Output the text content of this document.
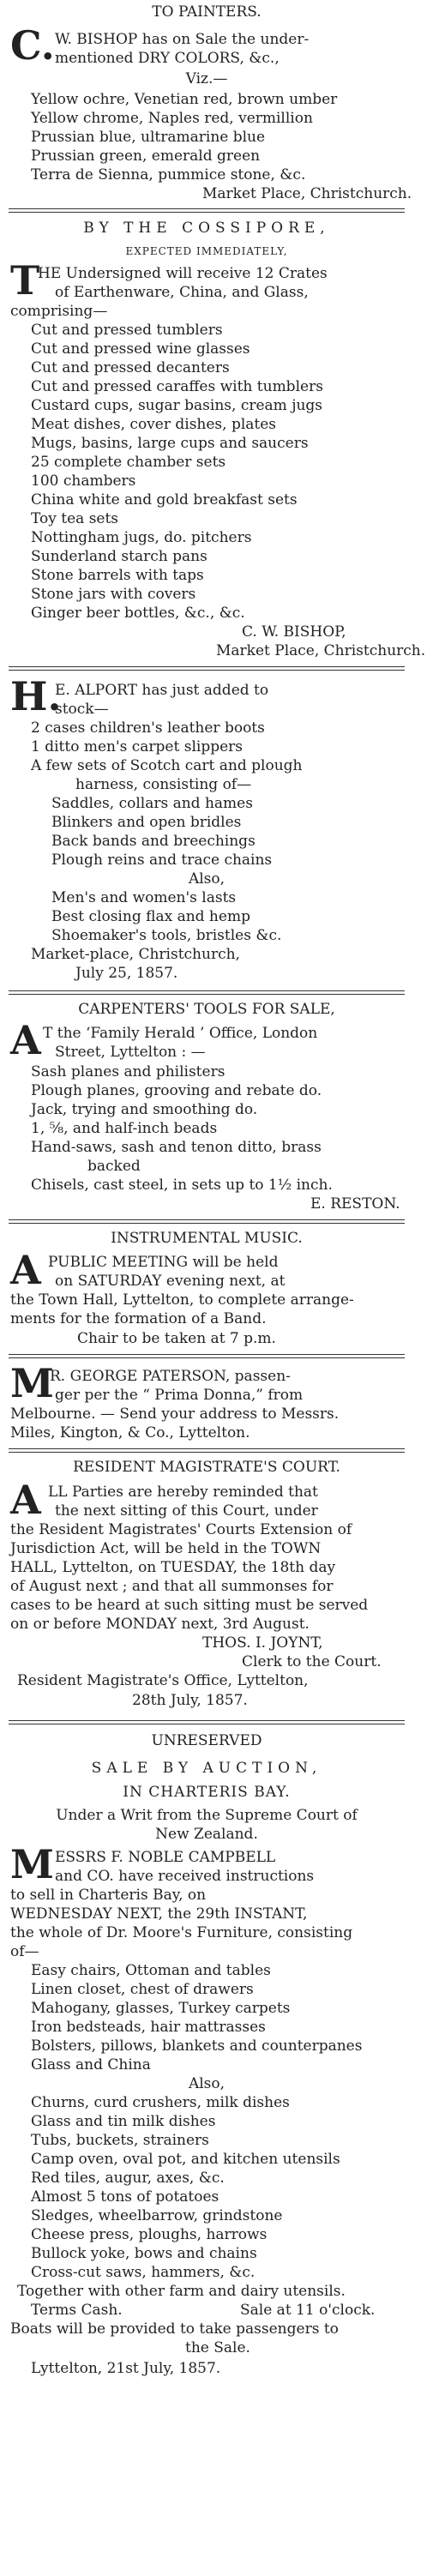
TO PAINTERS.
C. W. BISHOP has on Sale the under-
mentioned DRY COLORS, &c.,
Viz.—
Yellow ochre, Venetian red, brown umber
Yellow chrome, Naples red, vermillion
Prussian blue, ultramarine blue
Prussian green, emerald green
Terra de Sienna, pummice stone, &c.
Market Place, Christchurch.
BY THE COSSIPORE,
EXPECTED IMMEDIATELY,
T
HE Undersigned will receive 12 Crates
of Earthenware, China, and Glass,
comprising—
Cut and pressed tumblers
Cut and pressed wine glasses
Cut and pressed decanters
Cut and pressed caraffes with tumblers
Custard cups, sugar basins, cream jugs
Meat dishes, cover dishes, plates
Mugs, basins, large cups and saucers
25 complete chamber sets
100 chambers
China white and gold breakfast sets
Toy tea sets
Nottingham jugs, do. pitchers
Sunderland starch pans
Stone barrels with taps
Stone jars with covers
Ginger beer bottles, &c., &c.
C. W. BISHOP,
Market Place, Christchurch.
H.
E. ALPORT has just added to
stock—
2 cases children's leather boots
1 ditto men's carpet slippers
A few sets of Scotch cart and plough
harness, consisting of—
Saddles, collars and hames
Blinkers and open bridles
Back bands and breechings
Plough reins and trace chains
Also,
Men's and women's lasts
Best closing flax and hemp
Shoemaker's tools, bristles &c.
Market-place, Christchurch,
July 25, 1857.
CARPENTERS' TOOLS FOR SALE,
A T the ‘Family Herald ’ Office, London
Street, Lyttelton : —
Sash planes and philisters
Plough planes, grooving and rebate do.
Jack, trying and smoothing do.
1, ⅝, and half-inch beads
Hand-saws, sash and tenon ditto, brass
backed
Chisels, cast steel, in sets up to 1½ inch.
E. RESTON.
INSTRUMENTAL MUSIC.
A PUBLIC MEETING will be held
on SATURDAY evening next, at
the Town Hall, Lyttelton, to complete arrange-
ments for the formation of a Band.
Chair to be taken at 7 p.m.
M
R. GEORGE PATERSON, passen-
ger per the “ Prima Donna,” from
Melbourne. — Send your address to Messrs.
Miles, Kington, & Co., Lyttelton.
RESIDENT MAGISTRATE'S COURT.
A LL Parties are hereby reminded that
the next sitting of this Court, under
the Resident Magistrates' Courts Extension of
Jurisdiction Act, will be held in the TOWN
HALL, Lyttelton, on TUESDAY, the 18th day
of August next ; and that all summonses for
cases to be heard at such sitting must be served
on or before MONDAY next, 3rd August.
THOS. I. JOYNT,
Clerk to the Court.
Resident Magistrate's Office, Lyttelton,
28th July, 1857.
UNRESERVED
SALE BY AUCTION,
IN CHARTERIS BAY.
Under a Writ from the Supreme Court of
New Zealand.
M ESSRS F. NOBLE CAMPBELL
and CO. have received instructions
to sell in Charteris Bay, on
WEDNESDAY NEXT, the 29th INSTANT,
the whole of Dr. Moore's Furniture, consisting
of—
Easy chairs, Ottoman and tables
Linen closet, chest of drawers
Mahogany, glasses, Turkey carpets
Iron bedsteads, hair mattrasses
Bolsters, pillows, blankets and counterpanes
Glass and China
Also,
Churns, curd crushers, milk dishes
Glass and tin milk dishes
Tubs, buckets, strainers
Camp oven, oval pot, and kitchen utensils
Red tiles, augur, axes, &c.
Almost 5 tons of potatoes
Sledges, wheelbarrow, grindstone
Cheese press, ploughs, harrows
Bullock yoke, bows and chains
Cross-cut saws, hammers, &c.
Together with other farm and dairy utensils.
Terms Cash.	Sale at 11 o'clock.
Boats will be provided to take passengers to
the Sale.
Lyttelton, 21st July, 1857.
